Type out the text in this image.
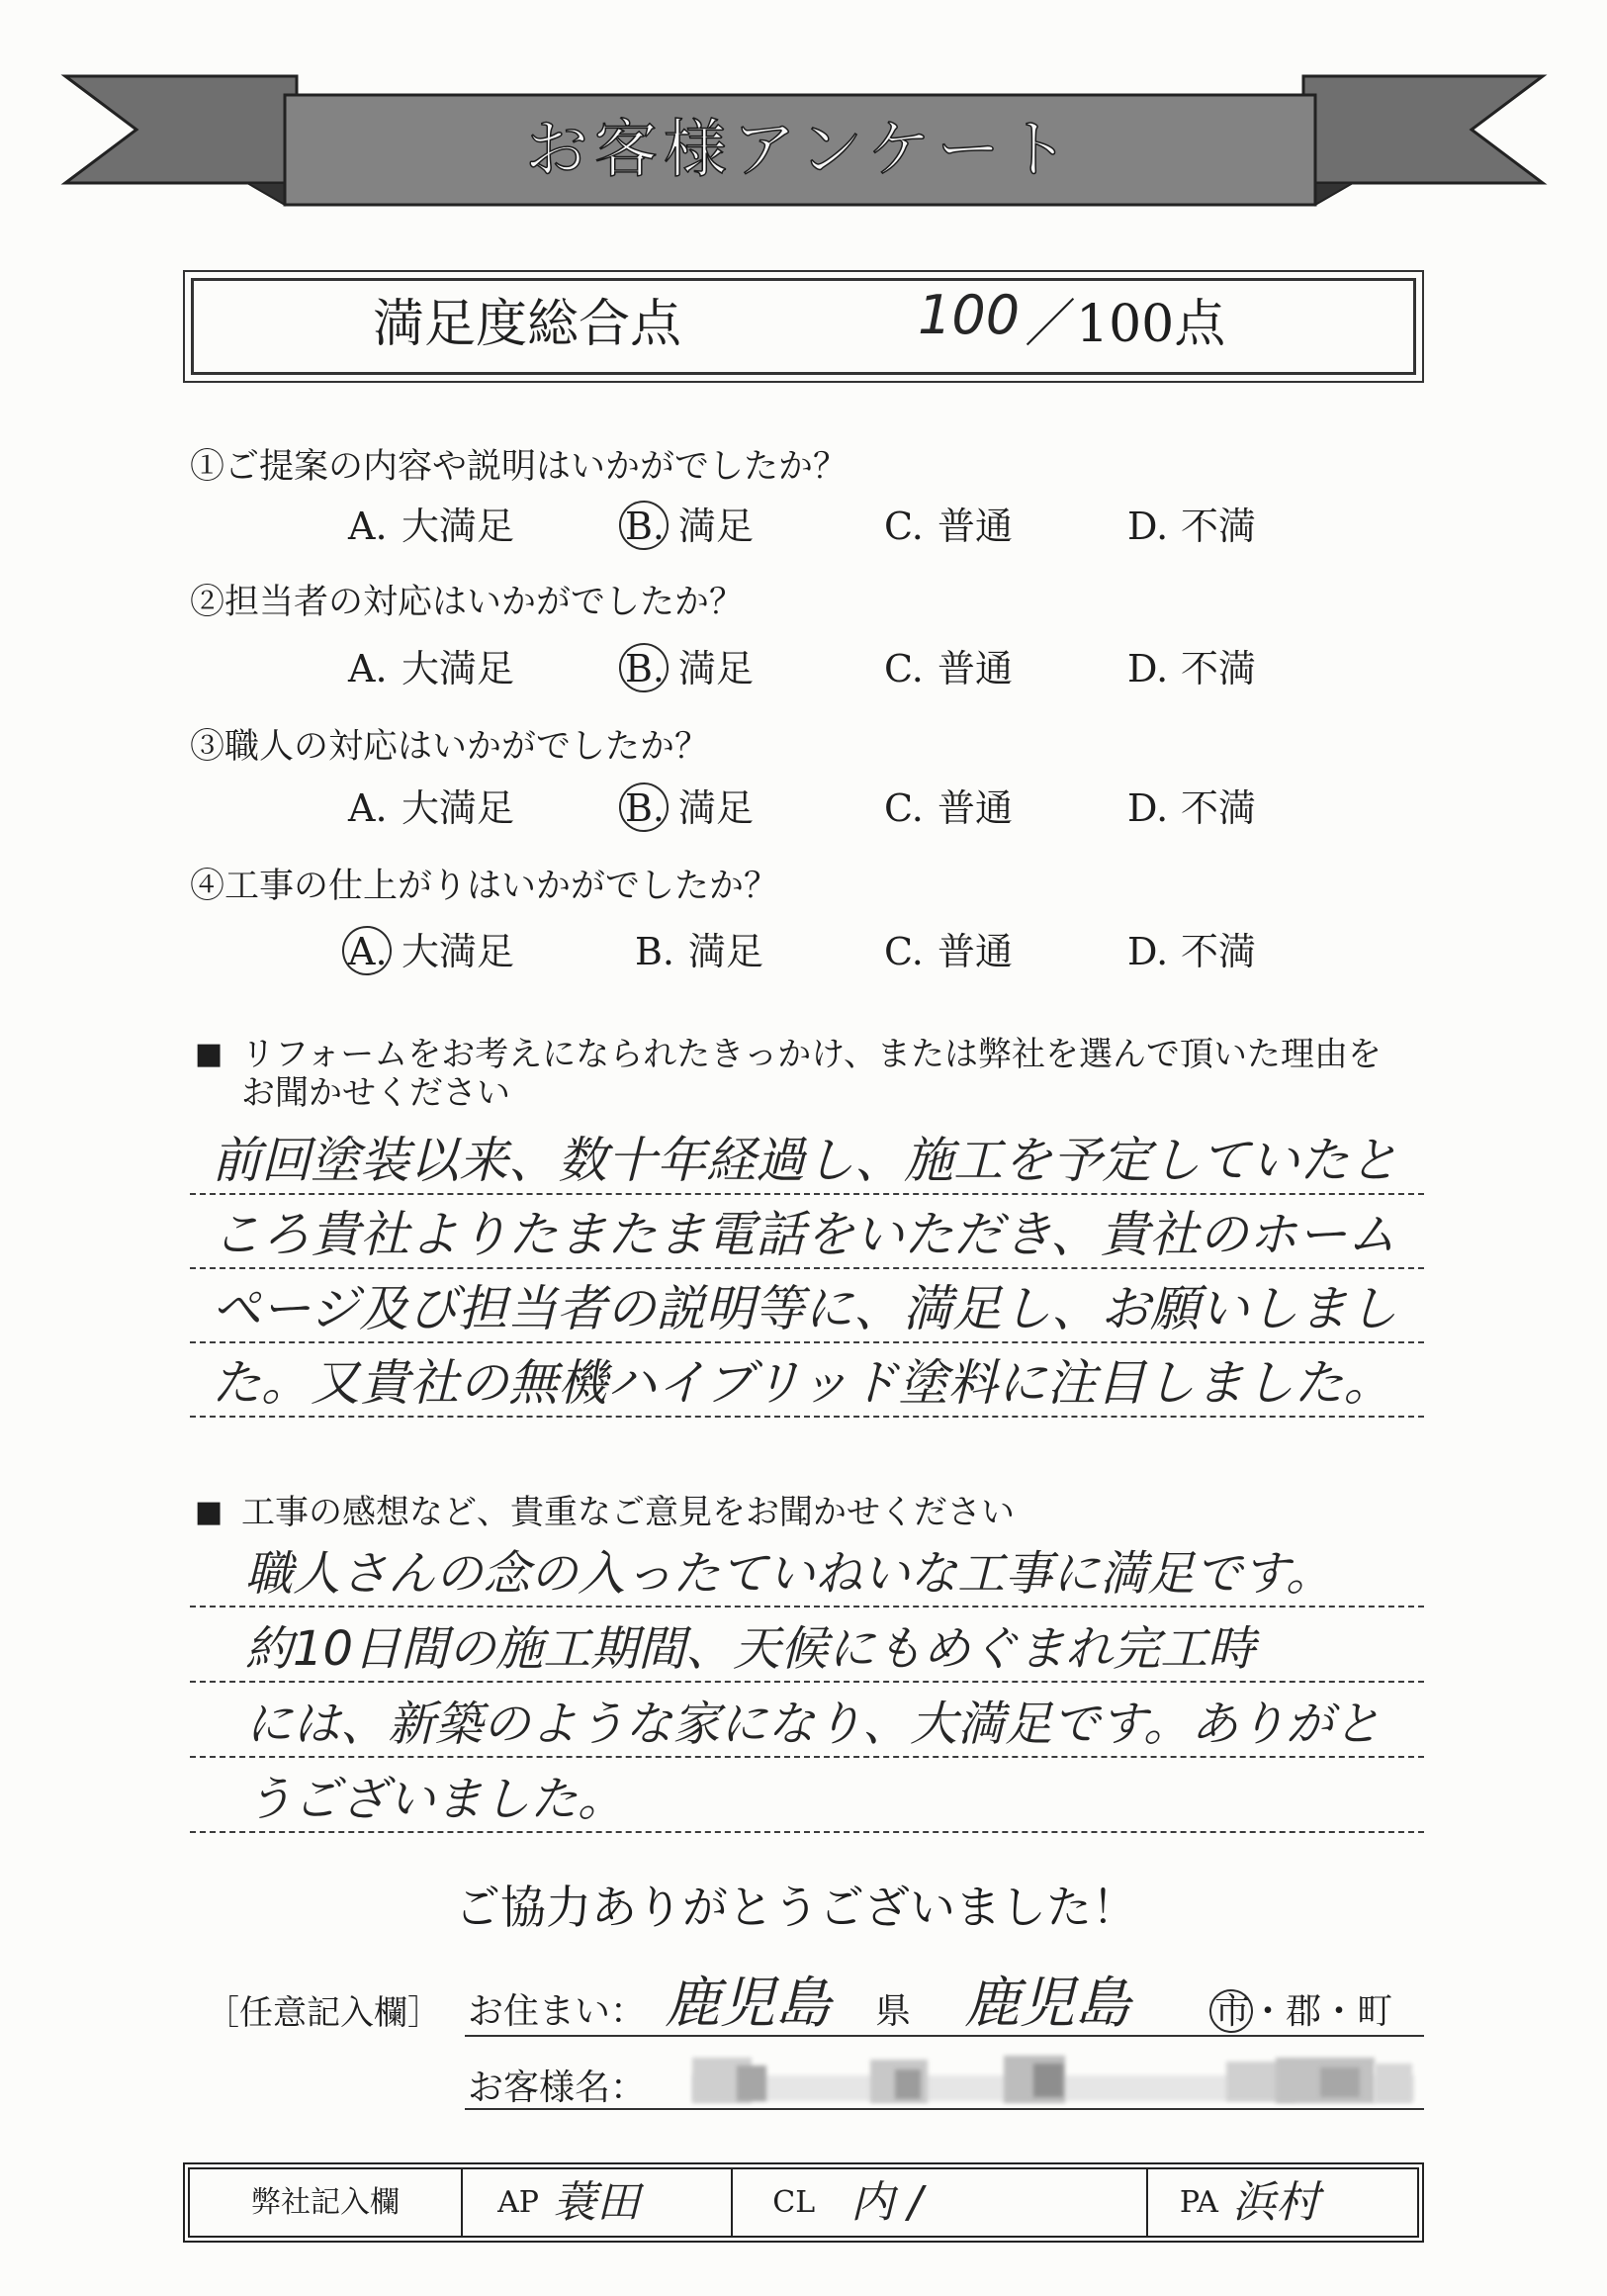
お客様アンケート
満足度総合点	100 ／100点
①ご提案の内容や説明はいかがでしたか？
A. 大満足	B. 満足	C. 普通	D. 不満
②担当者の対応はいかがでしたか？
A. 大満足	B. 満足	C. 普通	D. 不満
③職人の対応はいかがでしたか？
A. 大満足	B. 満足	C. 普通	D. 不満
④工事の仕上がりはいかがでしたか？
A. 大満足	B. 満足	C. 普通	D. 不満
■ リフォームをお考えになられたきっかけ、または弊社を選んで頂いた理由を
お聞かせください
前回塗装以来、数十年経過し、施工を予定していたと
ころ貴社よりたまたま電話をいただき、貴社のホーム
ページ及び担当者の説明等に、満足し、お願いしまし
た。又貴社の無機ハイブリッド塗料に注目しました。
■ 工事の感想など、貴重なご意見をお聞かせください
職人さんの念の入ったていねいな工事に満足です。
約10日間の施工期間、天候にもめぐまれ完工時
には、新築のような家になり、大満足です。ありがと
うございました。
ご協力ありがとうございました！
［任意記入欄］ お住まい： 鹿児島 県 鹿児島 市 ・ 郡 ・ 町
お客様名：
弊社記入欄	AP 蓑田	CL 内 /	PA 浜村
